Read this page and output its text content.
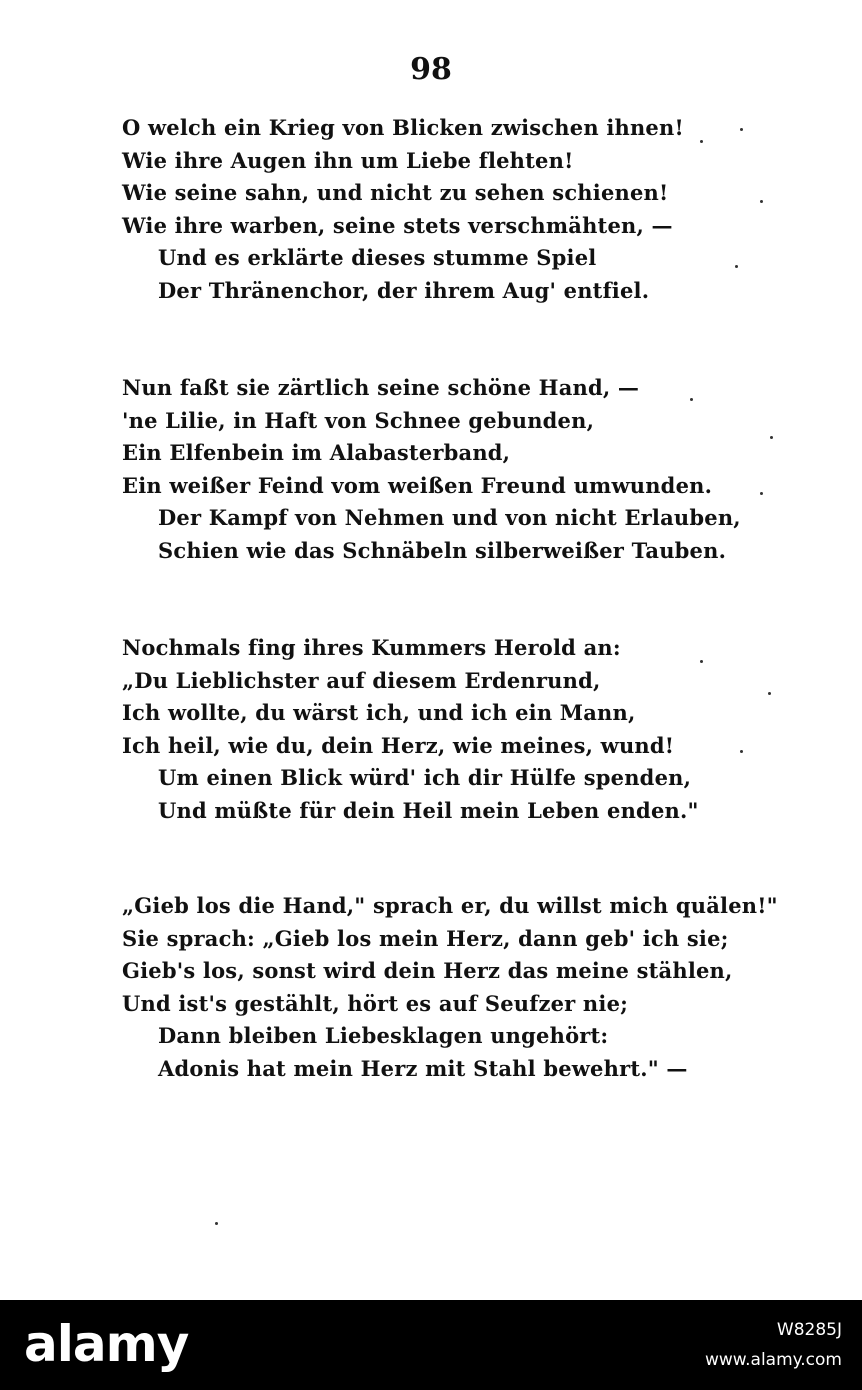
98
O welch ein Krieg von Blicken zwischen ihnen!
Wie ihre Augen ihn um Liebe flehten!
Wie seine sahn, und nicht zu sehen schienen!
Wie ihre warben, seine stets verschmähten, —
Und es erklärte dieses stumme Spiel
Der Thränenchor, der ihrem Aug' entfiel.
Nun faßt sie zärtlich seine schöne Hand, —
'ne Lilie, in Haft von Schnee gebunden,
Ein Elfenbein im Alabasterband,
Ein weißer Feind vom weißen Freund umwunden.
Der Kampf von Nehmen und von nicht Erlauben,
Schien wie das Schnäbeln silberweißer Tauben.
Nochmals fing ihres Kummers Herold an:
„Du Lieblichster auf diesem Erdenrund,
Ich wollte, du wärst ich, und ich ein Mann,
Ich heil, wie du, dein Herz, wie meines, wund!
Um einen Blick würd' ich dir Hülfe spenden,
Und müßte für dein Heil mein Leben enden."
„Gieb los die Hand," sprach er, du willst mich quälen!"
Sie sprach: „Gieb los mein Herz, dann geb' ich sie;
Gieb's los, sonst wird dein Herz das meine stählen,
Und ist's gestählt, hört es auf Seufzer nie;
Dann bleiben Liebesklagen ungehört:
Adonis hat mein Herz mit Stahl bewehrt." —
alamy	W8285J
www.alamy.com
